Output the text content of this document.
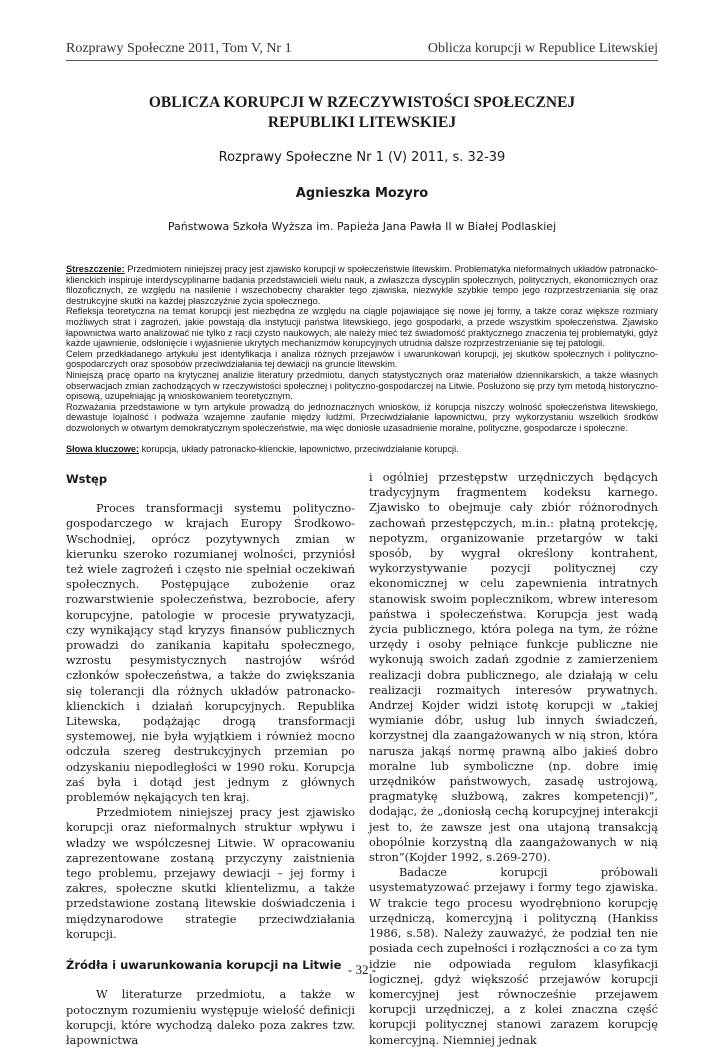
Rozprawy Społeczne 2011, Tom V, Nr 1	Oblicza korupcji w Republice Litewskiej
OBLICZA KORUPCJI W RZECZYWISTOŚCI SPOŁECZNEJ
REPUBLIKI LITEWSKIEJ
Rozprawy Społeczne Nr 1 (V) 2011, s. 32-39
Agnieszka Mozyro
Państwowa Szkoła Wyższa im. Papieża Jana Pawła II w Białej Podlaskiej

Streszczenie: Przedmiotem niniejszej pracy jest zjawisko korupcji w społeczeństwie litewskim. Problematyka nieformalnych układów patronacko-klienckich inspiruje interdyscyplinarne badania przedstawicieli wielu nauk, a zwłaszcza dyscyplin społecznych, politycznych, ekonomicznych oraz filozoficznych, ze względu na nasilenie i wszechobecny charakter tego zjawiska, niezwykle szybkie tempo jego rozprzestrzeniania się oraz destrukcyjne skutki na każdej płaszczyźnie życia społecznego.

Refleksja teoretyczna na temat korupcji jest niezbędna ze względu na ciągle pojawiające się nowe jej formy, a także coraz większe rozmiary możliwych strat i zagrożeń, jakie powstają dla instytucji państwa litewskiego, jego gospodarki, a przede wszystkim społeczeństwa. Zjawisko łapownictwa warto analizować nie tylko z racji czysto naukowych, ale należy mieć też świadomość praktycznego znaczenia tej problematyki, gdyż każde ujawnienie, odsłonięcie i wyjaśnienie ukrytych mechanizmów korupcyjnych utrudnia dalsze rozprzestrzenianie się tej patologii.

Celem przedkładanego artykułu jest identyfikacja i analiza różnych przejawów i uwarunkowań korupcji, jej skutków społecznych i polityczno-gospodarczych oraz sposobów przeciwdziałania tej dewiacji na gruncie litewskim.

Niniejszą pracę oparto na krytycznej analizie literatury przedmiotu, danych statystycznych oraz materiałów dziennikarskich, a także własnych obserwacjach zmian zachodzących w rzeczywistości społecznej i polityczno-gospodarczej na Litwie. Posłużono się przy tym metodą historyczno-opisową, uzupełniając ją wnioskowaniem teoretycznym.

Rozważania przedstawione w tym artykule prowadzą do jednoznacznych wniosków, iż korupcja niszczy wolność społeczeństwa litewskiego, dewastuje lojalność i podważa wzajemne zaufanie między ludźmi. Przeciwdziałanie łapownictwu, przy wykorzystaniu wszelkich środków dozwolonych w otwartym demokratycznym społeczeństwie, ma więc doniosłe uzasadnienie moralne, polityczne, gospodarcze i społeczne.

Słowa kluczowe: korupcja, układy patronacko-klienckie, łapownictwo, przeciwdziałanie korupcji.
Wstęp

Proces transformacji systemu polityczno-gospodarczego w krajach Europy Środkowo-Wschodniej, oprócz pozytywnych zmian w kierunku szeroko rozumianej wolności, przyniósł też wiele zagrożeń i często nie spełniał oczekiwań społecznych. Postępujące zubożenie oraz rozwarstwienie społeczeństwa, bezrobocie, afery korupcyjne, patologie w procesie prywatyzacji, czy wynikający stąd kryzys finansów publicznych prowadzi do zanikania kapitału społecznego, wzrostu pesymistycznych nastrojów wśród członków społeczeństwa, a także do zwiększania się tolerancji dla różnych układów patronacko-klienckich i działań korupcyjnych. Republika Litewska, podążając drogą transformacji systemowej, nie była wyjątkiem i również mocno odczuła szereg destrukcyjnych przemian po odzyskaniu niepodległości w 1990 roku. Korupcja zaś była i dotąd jest jednym z głównych problemów nękających ten kraj.

Przedmiotem niniejszej pracy jest zjawisko korupcji oraz nieformalnych struktur wpływu i władzy we współczesnej Litwie. W opracowaniu zaprezentowane zostaną przyczyny zaistnienia tego problemu, przejawy dewiacji – jej formy i zakres, społeczne skutki klientelizmu, a także przedstawione zostaną litewskie doświadczenia i międzynarodowe strategie przeciwdziałania korupcji.

Źródła i uwarunkowania korupcji na Litwie

W literaturze przedmiotu, a także w potocznym rozumieniu występuje wielość definicji korupcji, które wychodzą daleko poza zakres tzw. łapownictwa

i ogólniej przestępstw urzędniczych będących tradycyjnym fragmentem kodeksu karnego. Zjawisko to obejmuje cały zbiór różnorodnych zachowań przestępczych, m.in.: płatną protekcję, nepotyzm, organizowanie przetargów w taki sposób, by wygrał określony kontrahent, wykorzystywanie pozycji politycznej czy ekonomicznej w celu zapewnienia intratnych stanowisk swoim poplecznikom, wbrew interesom państwa i społeczeństwa. Korupcja jest wadą życia publicznego, która polega na tym, że różne urzędy i osoby pełniące funkcje publiczne nie wykonują swoich zadań zgodnie z zamierzeniem realizacji dobra publicznego, ale działają w celu realizacji rozmaitych interesów prywatnych. Andrzej Kojder widzi istotę korupcji w „takiej wymianie dóbr, usług lub innych świadczeń, korzystnej dla zaangażowanych w nią stron, która narusza jakąś normę prawną albo jakieś dobro moralne lub symboliczne (np. dobre imię urzędników państwowych, zasadę ustrojową, pragmatykę służbową, zakres kompetencji)”, dodając, że „doniosłą cechą korupcyjnej interakcji jest to, że zawsze jest ona utajoną transakcją obopólnie korzystną dla zaangażowanych w nią stron”(Kojder 1992, s.269-270).

Badacze korupcji próbowali usystematyzować przejawy i formy tego zjawiska. W trakcie tego procesu wyodrębniono korupcję urzędniczą, komercyjną i polityczną (Hankiss 1986, s.58). Należy zauważyć, że podział ten nie posiada cech zupełności i rozłączności a co za tym idzie nie odpowiada regułom klasyfikacji logicznej, gdyż większość przejawów korupcji komercyjnej jest równocześnie przejawem korupcji urzędniczej, a z kolei znaczna część korupcji politycznej stanowi zarazem korupcję komercyjną. Niemniej jednak

- 32 -
